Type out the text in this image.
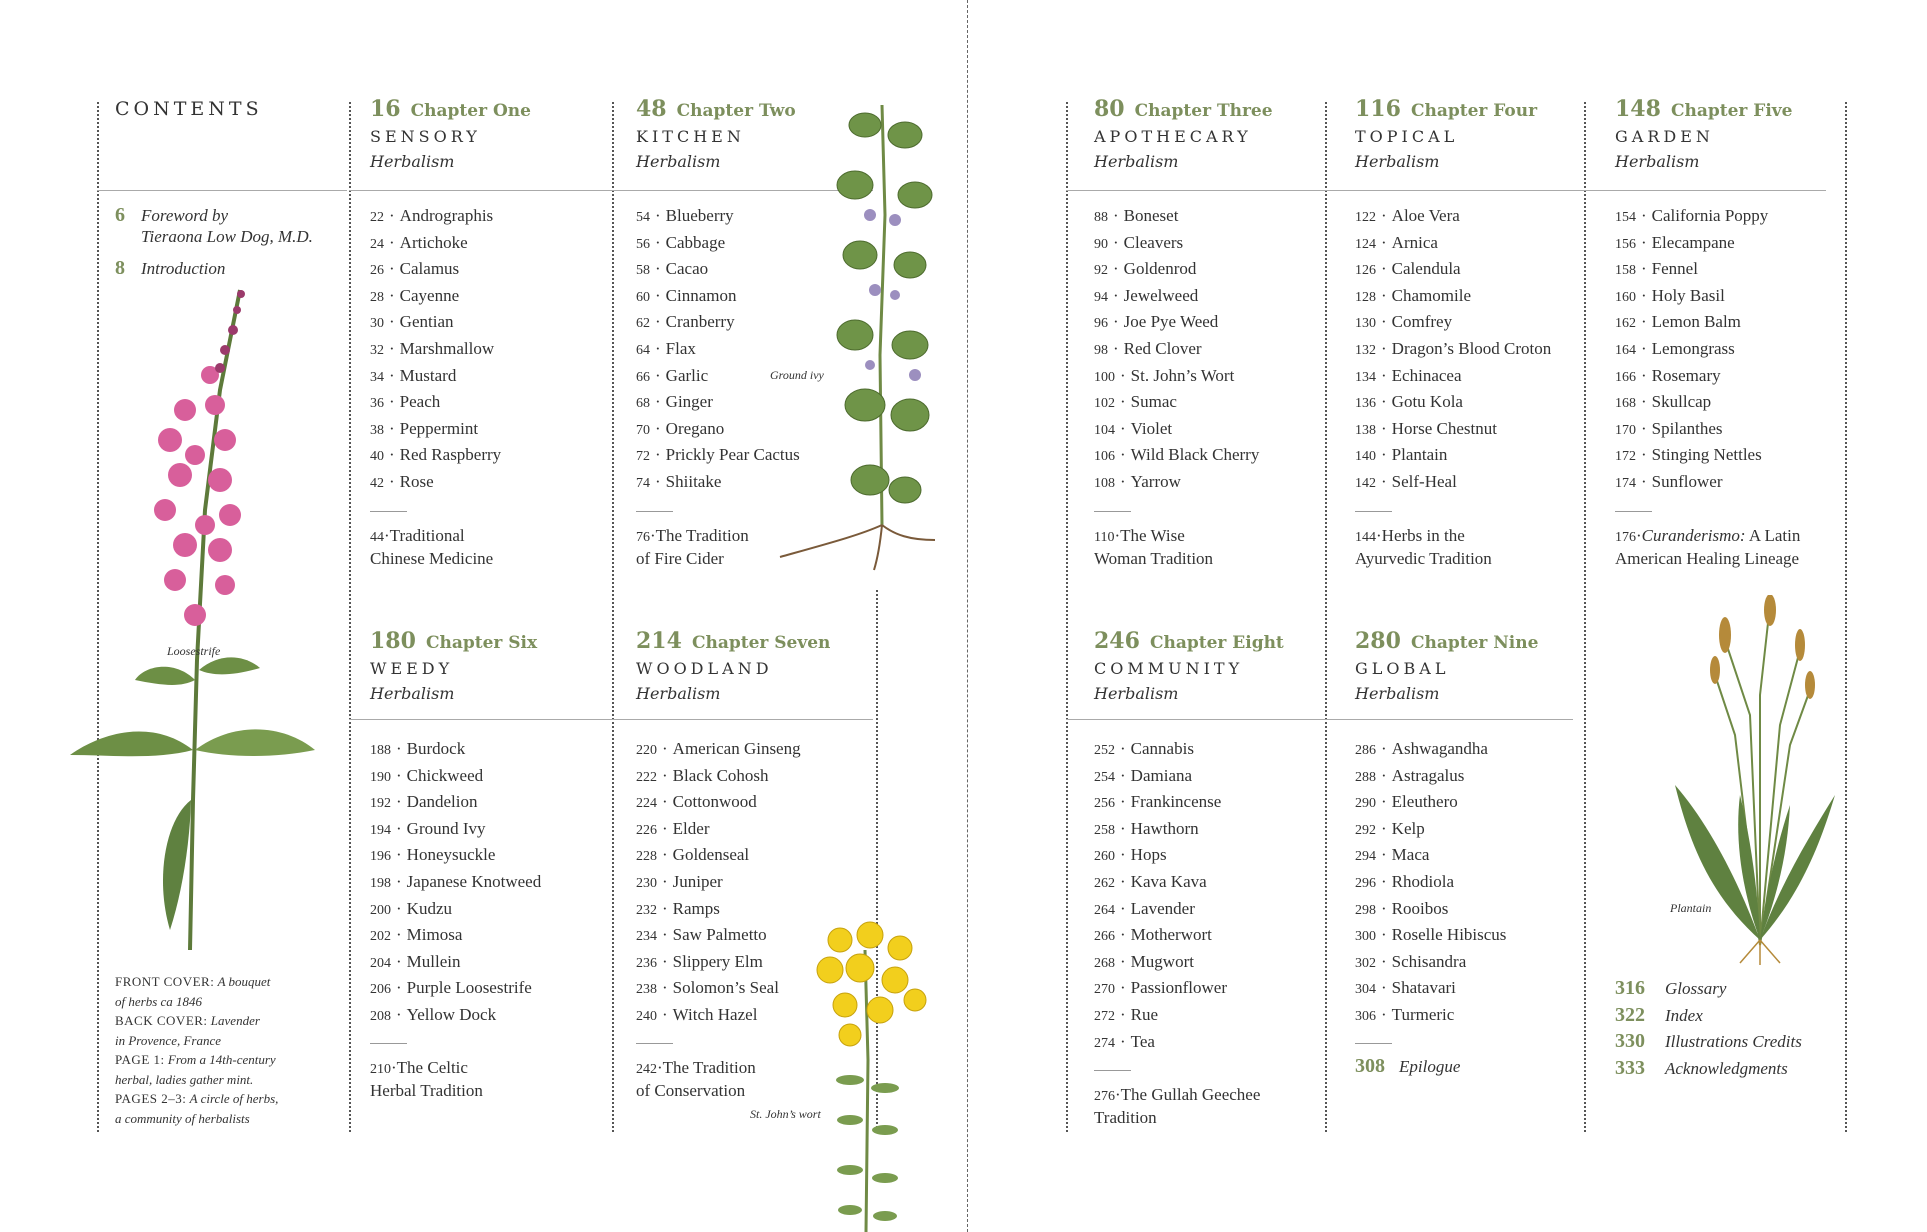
CONTENTS
6 Foreword by
Tieraona Low Dog, M.D.
8 Introduction
FRONT COVER: A bouquet
of herbs ca 1846
BACK COVER: Lavender
in Provence, France
PAGE 1: From a 14th-century
herbal, ladies gather mint.
PAGES 2–3: A circle of herbs,
a community of herbalists
Loosestrife
16 Chapter One
SENSORY
Herbalism
48 Chapter Two
KITCHEN
Herbalism
80 Chapter Three
APOTHECARY
Herbalism
116 Chapter Four
TOPICAL
Herbalism
148 Chapter Five
GARDEN
Herbalism
180 Chapter Six
WEEDY
Herbalism
214 Chapter Seven
WOODLAND
Herbalism
246 Chapter Eight
COMMUNITY
Herbalism
280 Chapter Nine
GLOBAL
Herbalism
22 · Andrographis
24 · Artichoke
26 · Calamus
28 · Cayenne
30 · Gentian
32 · Marshmallow
34 · Mustard
36 · Peach
38 · Peppermint
40 · Red Raspberry
42 · Rose
54 · Blueberry
56 · Cabbage
58 · Cacao
60 · Cinnamon
62 · Cranberry
64 · Flax
66 · Garlic
68 · Ginger
70 · Oregano
72 · Prickly Pear Cactus
74 · Shiitake
88 · Boneset
90 · Cleavers
92 · Goldenrod
94 · Jewelweed
96 · Joe Pye Weed
98 · Red Clover
100 · St. John’s Wort
102 · Sumac
104 · Violet
106 · Wild Black Cherry
108 · Yarrow
122 · Aloe Vera
124 · Arnica
126 · Calendula
128 · Chamomile
130 · Comfrey
132 · Dragon’s Blood Croton
134 · Echinacea
136 · Gotu Kola
138 · Horse Chestnut
140 · Plantain
142 · Self-Heal
154 · California Poppy
156 · Elecampane
158 · Fennel
160 · Holy Basil
162 · Lemon Balm
164 · Lemongrass
166 · Rosemary
168 · Skullcap
170 · Spilanthes
172 · Stinging Nettles
174 · Sunflower
188 · Burdock
190 · Chickweed
192 · Dandelion
194 · Ground Ivy
196 · Honeysuckle
198 · Japanese Knotweed
200 · Kudzu
202 · Mimosa
204 · Mullein
206 · Purple Loosestrife
208 · Yellow Dock
220 · American Ginseng
222 · Black Cohosh
224 · Cottonwood
226 · Elder
228 · Goldenseal
230 · Juniper
232 · Ramps
234 · Saw Palmetto
236 · Slippery Elm
238 · Solomon’s Seal
240 · Witch Hazel
252 · Cannabis
254 · Damiana
256 · Frankincense
258 · Hawthorn
260 · Hops
262 · Kava Kava
264 · Lavender
266 · Motherwort
268 · Mugwort
270 · Passionflower
272 · Rue
274 · Tea
286 · Ashwagandha
288 · Astragalus
290 · Eleuthero
292 · Kelp
294 · Maca
296 · Rhodiola
298 · Rooibos
300 · Roselle Hibiscus
302 · Schisandra
304 · Shatavari
306 · Turmeric
44·Traditional
Chinese Medicine
76·The Tradition
of Fire Cider
110·The Wise
Woman Tradition
144·Herbs in the
Ayurvedic Tradition
176·Curanderismo: A Latin
American Healing Lineage
210·The Celtic
Herbal Tradition
242·The Tradition
of Conservation	276·The Gullah Geechee
Tradition
308 Epilogue
316 Glossary
322 Index
330 Illustrations Credits
333 Acknowledgments
Ground ivy
St. John’s wort
Plantain
